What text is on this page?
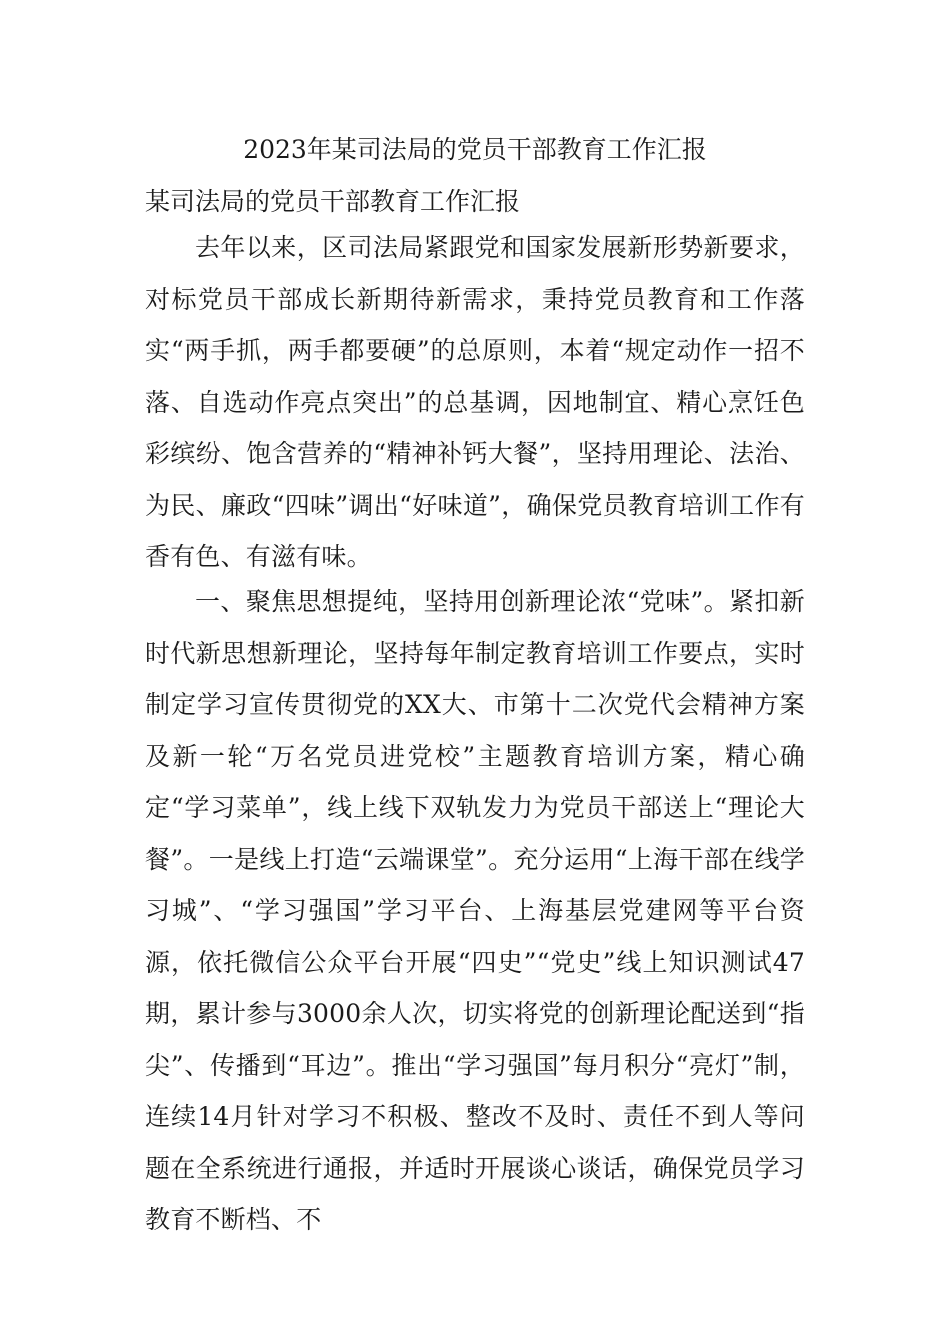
2023年某司法局的党员干部教育工作汇报
某司法局的党员干部教育工作汇报

去年以来，区司法局紧跟党和国家发展新形势新要求，对标党员干部成长新期待新需求，秉持党员教育和工作落实“两手抓，两手都要硬”的总原则，本着“规定动作一招不落、自选动作亮点突出”的总基调，因地制宜、精心烹饪色彩缤纷、饱含营养的“精神补钙大餐”，坚持用理论、法治、为民、廉政“四味”调出“好味道”，确保党员教育培训工作有香有色、有滋有味。

一、聚焦思想提纯，坚持用创新理论浓“党味”。紧扣新时代新思想新理论，坚持每年制定教育培训工作要点，实时制定学习宣传贯彻党的XX大、市第十二次党代会精神方案及新一轮“万名党员进党校”主题教育培训方案，精心确定“学习菜单”，线上线下双轨发力为党员干部送上“理论大餐”。一是线上打造“云端课堂”。充分运用“上海干部在线学习城”、“学习强国”学习平台、上海基层党建网等平台资源，依托微信公众平台开展“四史”“党史”线上知识测试47期，累计参与3000余人次，切实将党的创新理论配送到“指尖”、传播到“耳边”。推出“学习强国”每月积分“亮灯”制，连续14月针对学习不积极、整改不及时、责任不到人等问题在全系统进行通报，并适时开展谈心谈话，确保党员学习教育不断档、不
